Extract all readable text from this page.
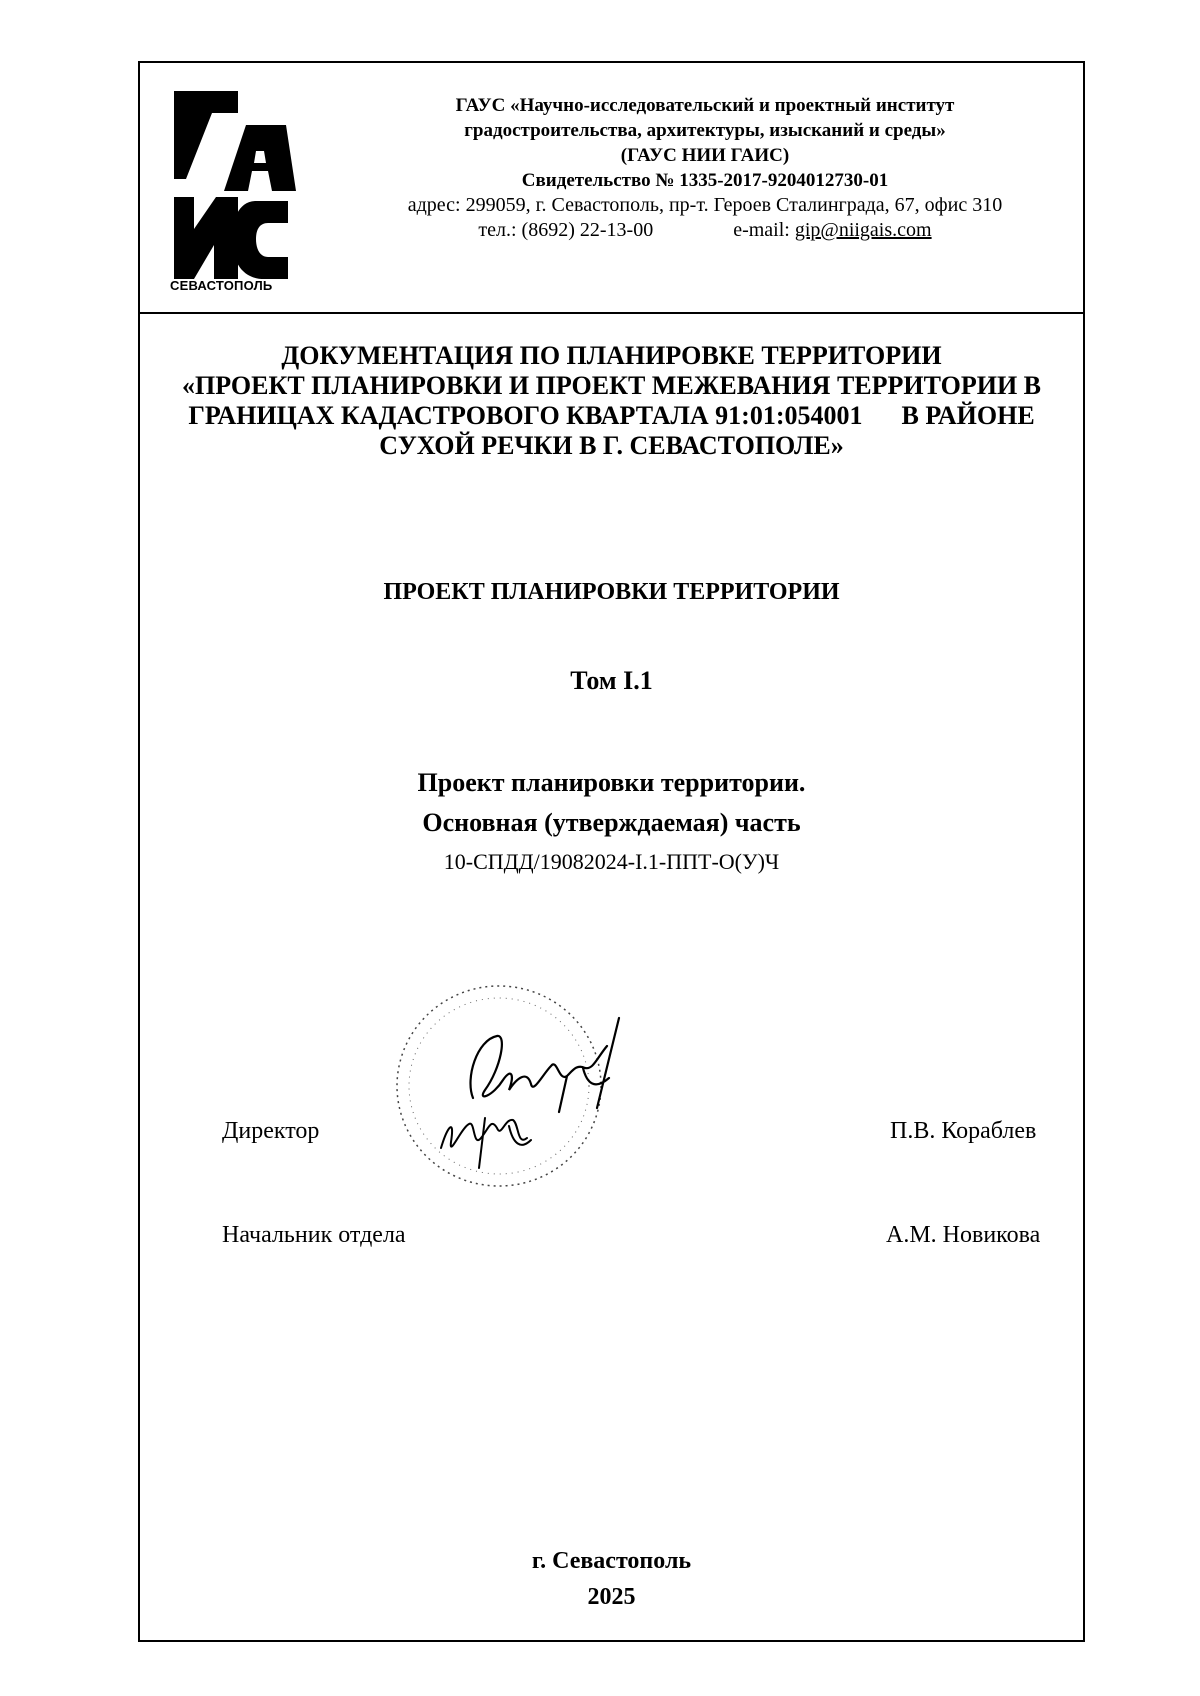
СЕВАСТОПОЛЬ
ГАУС «Научно-исследовательский и проектный институт
градостроительства, архитектуры, изысканий и среды»
(ГАУС НИИ ГАИС)
Свидетельство № 1335-2017-9204012730-01
адрес: 299059, г. Севастополь, пр-т. Героев Сталинграда, 67, офис 310
тел.: (8692) 22-13-00	e-mail: gip@niigais.com
ДОКУМЕНТАЦИЯ ПО ПЛАНИРОВКЕ ТЕРРИТОРИИ
«ПРОЕКТ ПЛАНИРОВКИ И ПРОЕКТ МЕЖЕВАНИЯ ТЕРРИТОРИИ В
ГРАНИЦАХ КАДАСТРОВОГО КВАРТАЛА 91:01:054001      В РАЙОНЕ
СУХОЙ РЕЧКИ В Г. СЕВАСТОПОЛЕ»
ПРОЕКТ ПЛАНИРОВКИ ТЕРРИТОРИИ
Том I.1
Проект планировки территории.
Основная (утверждаемая) часть
10-СПДД/19082024-I.1-ППТ-О(У)Ч
Директор	П.В. Кораблев
Начальник отдела	А.М. Новикова
г. Севастополь
2025
